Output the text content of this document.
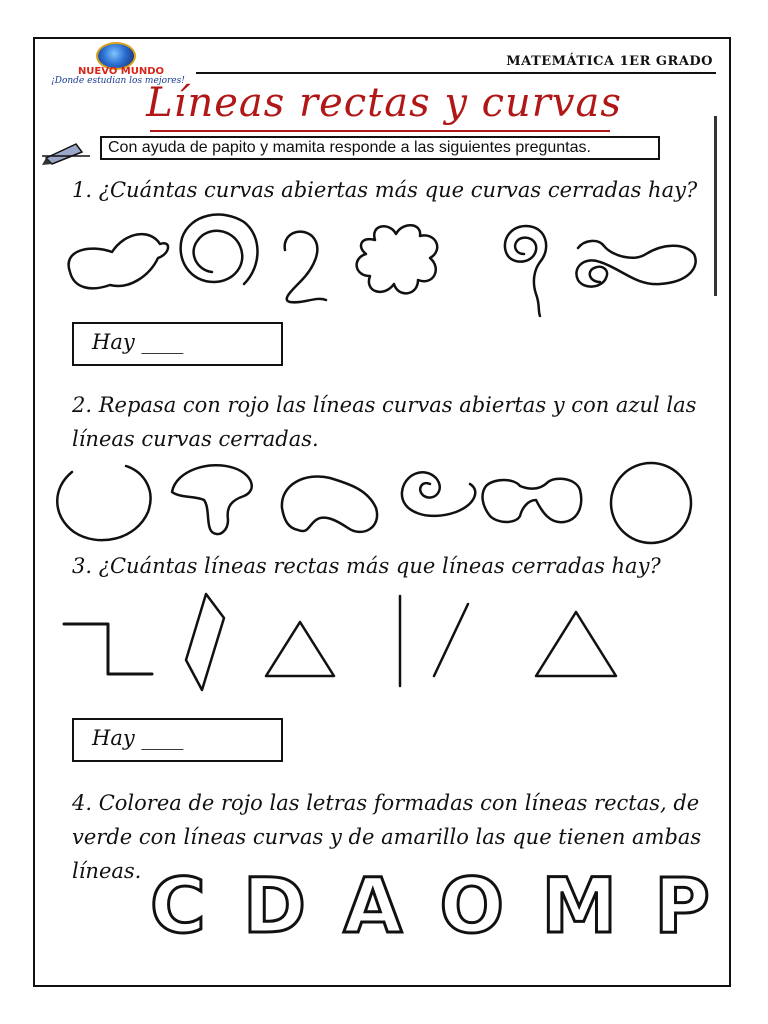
NUEVO MUNDO
¡Donde estudian los mejores!
MATEMÁTICA 1ER GRADO
Líneas rectas y curvas
Con ayuda de papito y mamita responde a las siguientes preguntas.
1. ¿Cuántas curvas abiertas más que curvas cerradas hay?
Hay ____
2. Repasa con rojo las líneas curvas abiertas y con azul las líneas curvas cerradas.
3. ¿Cuántas líneas rectas más que líneas cerradas hay?
Hay ____
4. Colorea de rojo las letras formadas con líneas rectas, de verde con líneas curvas y de amarillo las que tienen ambas líneas. C D A O M P
